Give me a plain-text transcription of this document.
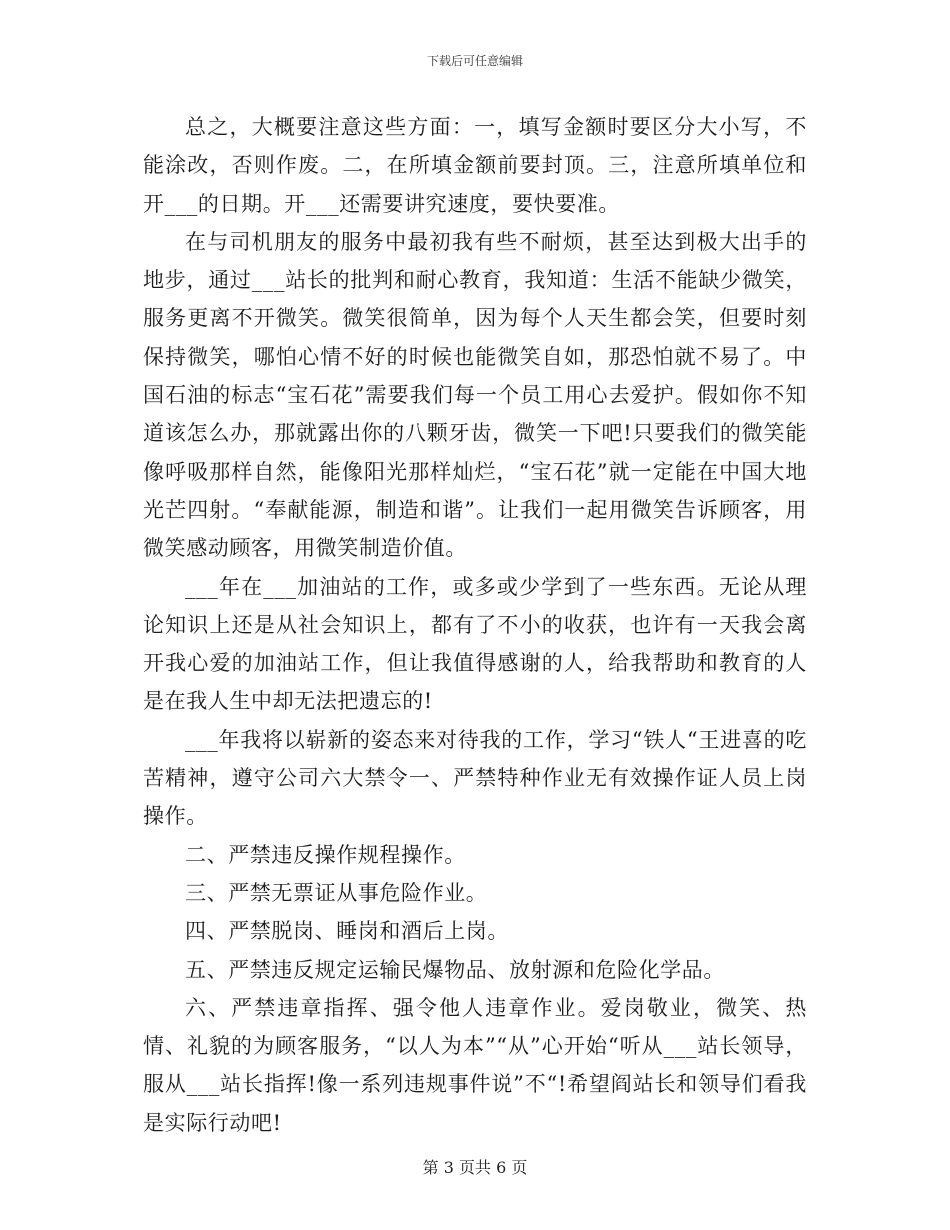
下载后可任意编辑

总之，大概要注意这些方面：一，填写金额时要区分大小写，不能涂改，否则作废。二，在所填金额前要封顶。三，注意所填单位和开___的日期。开___还需要讲究速度，要快要准。

在与司机朋友的服务中最初我有些不耐烦，甚至达到极大出手的地步，通过___站长的批判和耐心教育，我知道：生活不能缺少微笑，服务更离不开微笑。微笑很简单，因为每个人天生都会笑，但要时刻保持微笑，哪怕心情不好的时候也能微笑自如，那恐怕就不易了。中国石油的标志“宝石花”需要我们每一个员工用心去爱护。假如你不知道该怎么办，那就露出你的八颗牙齿，微笑一下吧!只要我们的微笑能像呼吸那样自然，能像阳光那样灿烂，“宝石花”就一定能在中国大地光芒四射。“奉献能源，制造和谐”。让我们一起用微笑告诉顾客，用微笑感动顾客，用微笑制造价值。

___年在___加油站的工作，或多或少学到了一些东西。无论从理论知识上还是从社会知识上，都有了不小的收获，也许有一天我会离开我心爱的加油站工作，但让我值得感谢的人，给我帮助和教育的人是在我人生中却无法把遗忘的!

___年我将以崭新的姿态来对待我的工作，学习“铁人“王进喜的吃苦精神，遵守公司六大禁令一、严禁特种作业无有效操作证人员上岗操作。

二、严禁违反操作规程操作。

三、严禁无票证从事危险作业。

四、严禁脱岗、睡岗和酒后上岗。

五、严禁违反规定运输民爆物品、放射源和危险化学品。

六、严禁违章指挥、强令他人违章作业。爱岗敬业，微笑、热情、礼貌的为顾客服务，“以人为本”“从”心开始“听从___站长领导，服从___站长指挥!像一系列违规事件说”不“!希望阎站长和领导们看我是实际行动吧!

第 3 页共 6 页
